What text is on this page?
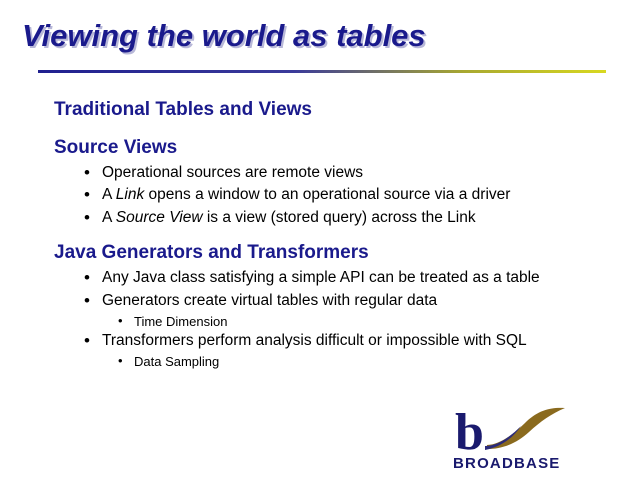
Viewing the world as tables
Traditional Tables and Views
Source Views
• Operational sources are remote views
• A Link opens a window to an operational source via a driver
• A Source View is a view (stored query) across the Link
Java Generators and Transformers
• Any Java class satisfying a simple API can be treated as a table
• Generators create virtual tables with regular data
• Time Dimension
• Transformers perform analysis difficult or impossible with SQL
• Data Sampling
b
BROADBASE
